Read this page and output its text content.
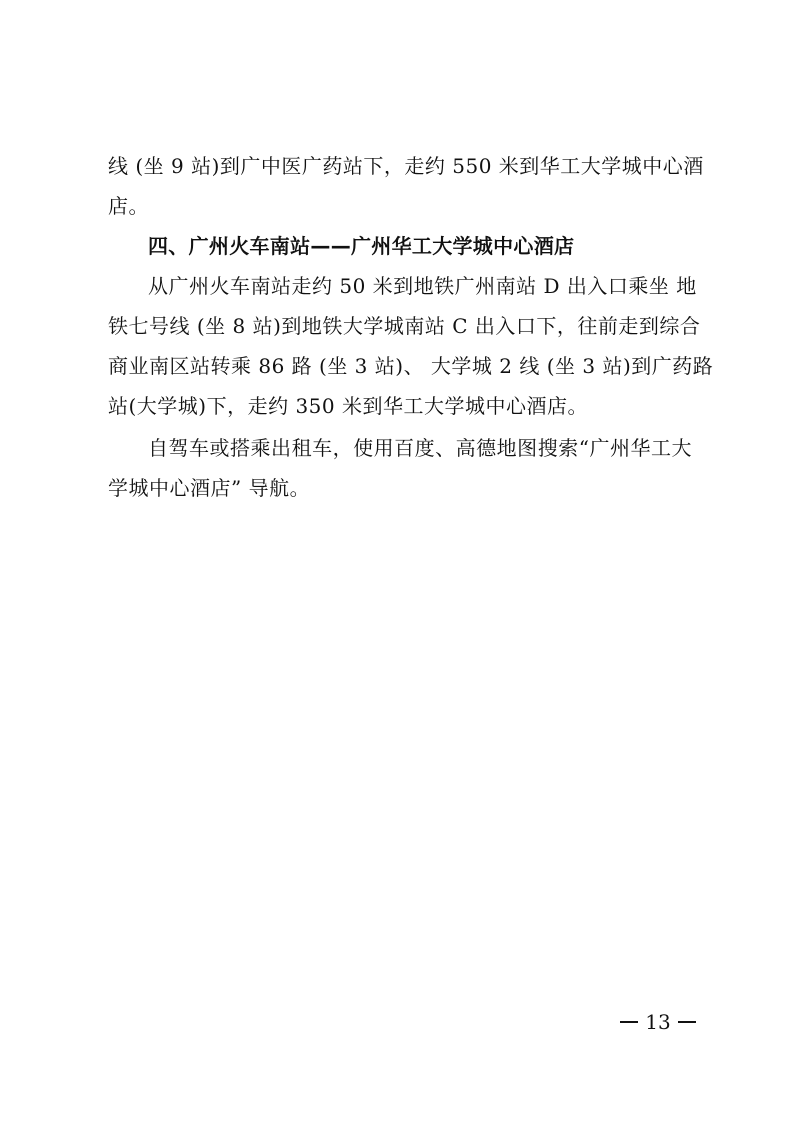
线 (坐 9 站)到广中医广药站下，走约 550 米到华工大学城中心酒
店。
四、广州火车南站——广州华工大学城中心酒店
从广州火车南站走约 50 米到地铁广州南站 D 出入口乘坐 地
铁七号线 (坐 8 站)到地铁大学城南站 C 出入口下，往前走到综合
商业南区站转乘 86 路 (坐 3 站)、 大学城 2 线 (坐 3 站)到广药路
站(大学城)下，走约 350 米到华工大学城中心酒店。
自驾车或搭乘出租车，使用百度、高德地图搜索“广州华工大
学城中心酒店” 导航。
13
